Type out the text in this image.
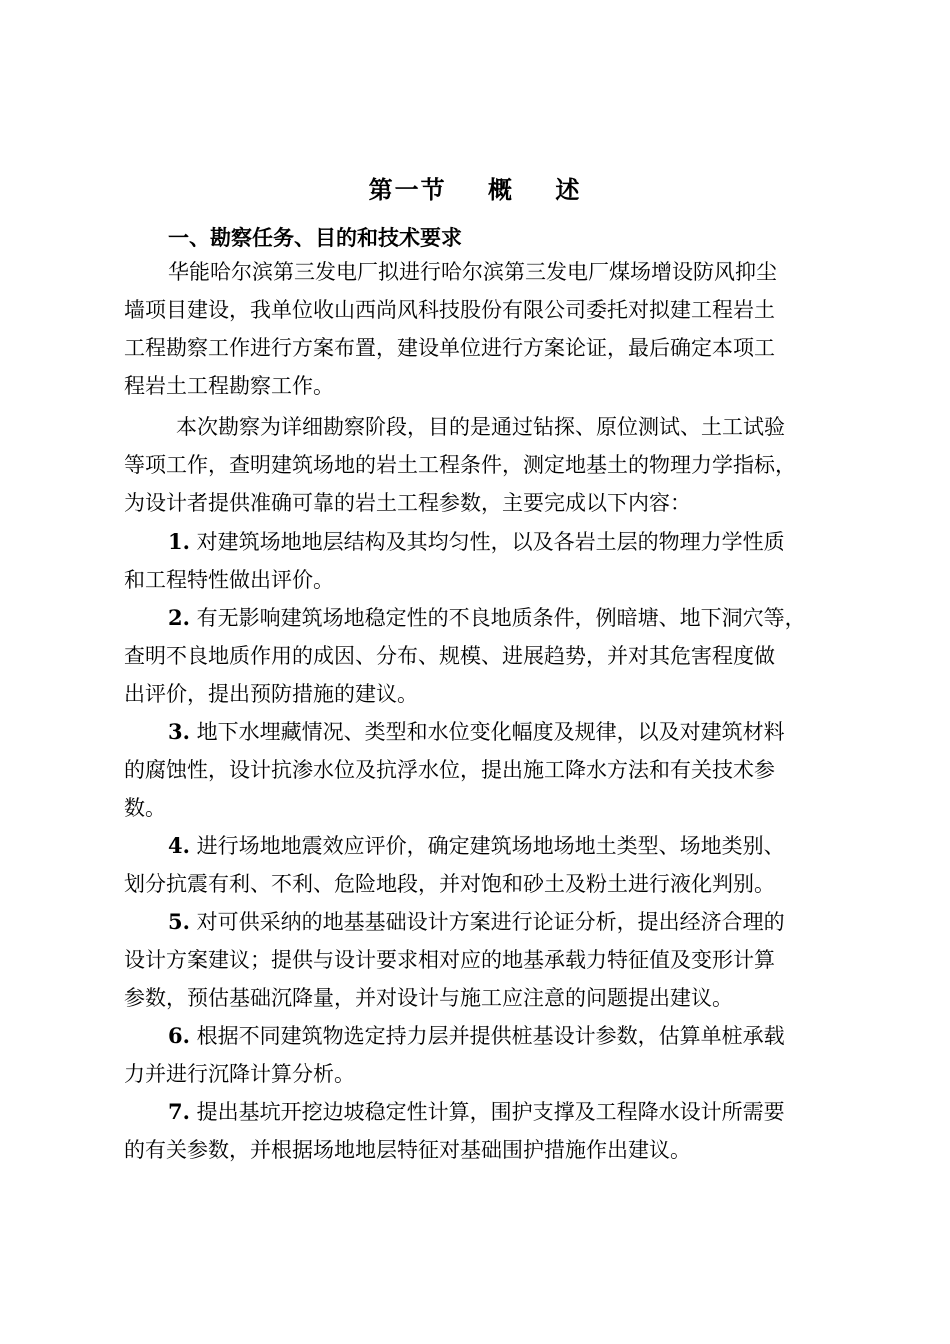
第一节    概    述
一、勘察任务、目的和技术要求
华能哈尔滨第三发电厂拟进行哈尔滨第三发电厂煤场增设防风抑尘
墙项目建设，我单位收山西尚风科技股份有限公司委托对拟建工程岩土
工程勘察工作进行方案布置，建设单位进行方案论证，最后确定本项工
程岩土工程勘察工作。
本次勘察为详细勘察阶段，目的是通过钻探、原位测试、土工试验
等项工作，查明建筑场地的岩土工程条件，测定地基土的物理力学指标，
为设计者提供准确可靠的岩土工程参数，主要完成以下内容：
1. 对建筑场地地层结构及其均匀性，以及各岩土层的物理力学性质
和工程特性做出评价。
2. 有无影响建筑场地稳定性的不良地质条件，例暗塘、地下洞穴等，
查明不良地质作用的成因、分布、规模、进展趋势，并对其危害程度做
出评价，提出预防措施的建议。
3. 地下水埋藏情况、类型和水位变化幅度及规律，以及对建筑材料
的腐蚀性，设计抗渗水位及抗浮水位，提出施工降水方法和有关技术参
数。
4. 进行场地地震效应评价，确定建筑场地场地土类型、场地类别、
划分抗震有利、不利、危险地段，并对饱和砂土及粉土进行液化判别。
5. 对可供采纳的地基基础设计方案进行论证分析，提出经济合理的
设计方案建议；提供与设计要求相对应的地基承载力特征值及变形计算
参数，预估基础沉降量，并对设计与施工应注意的问题提出建议。
6. 根据不同建筑物选定持力层并提供桩基设计参数，估算单桩承载
力并进行沉降计算分析。
7. 提出基坑开挖边坡稳定性计算，围护支撑及工程降水设计所需要
的有关参数，并根据场地地层特征对基础围护措施作出建议。
